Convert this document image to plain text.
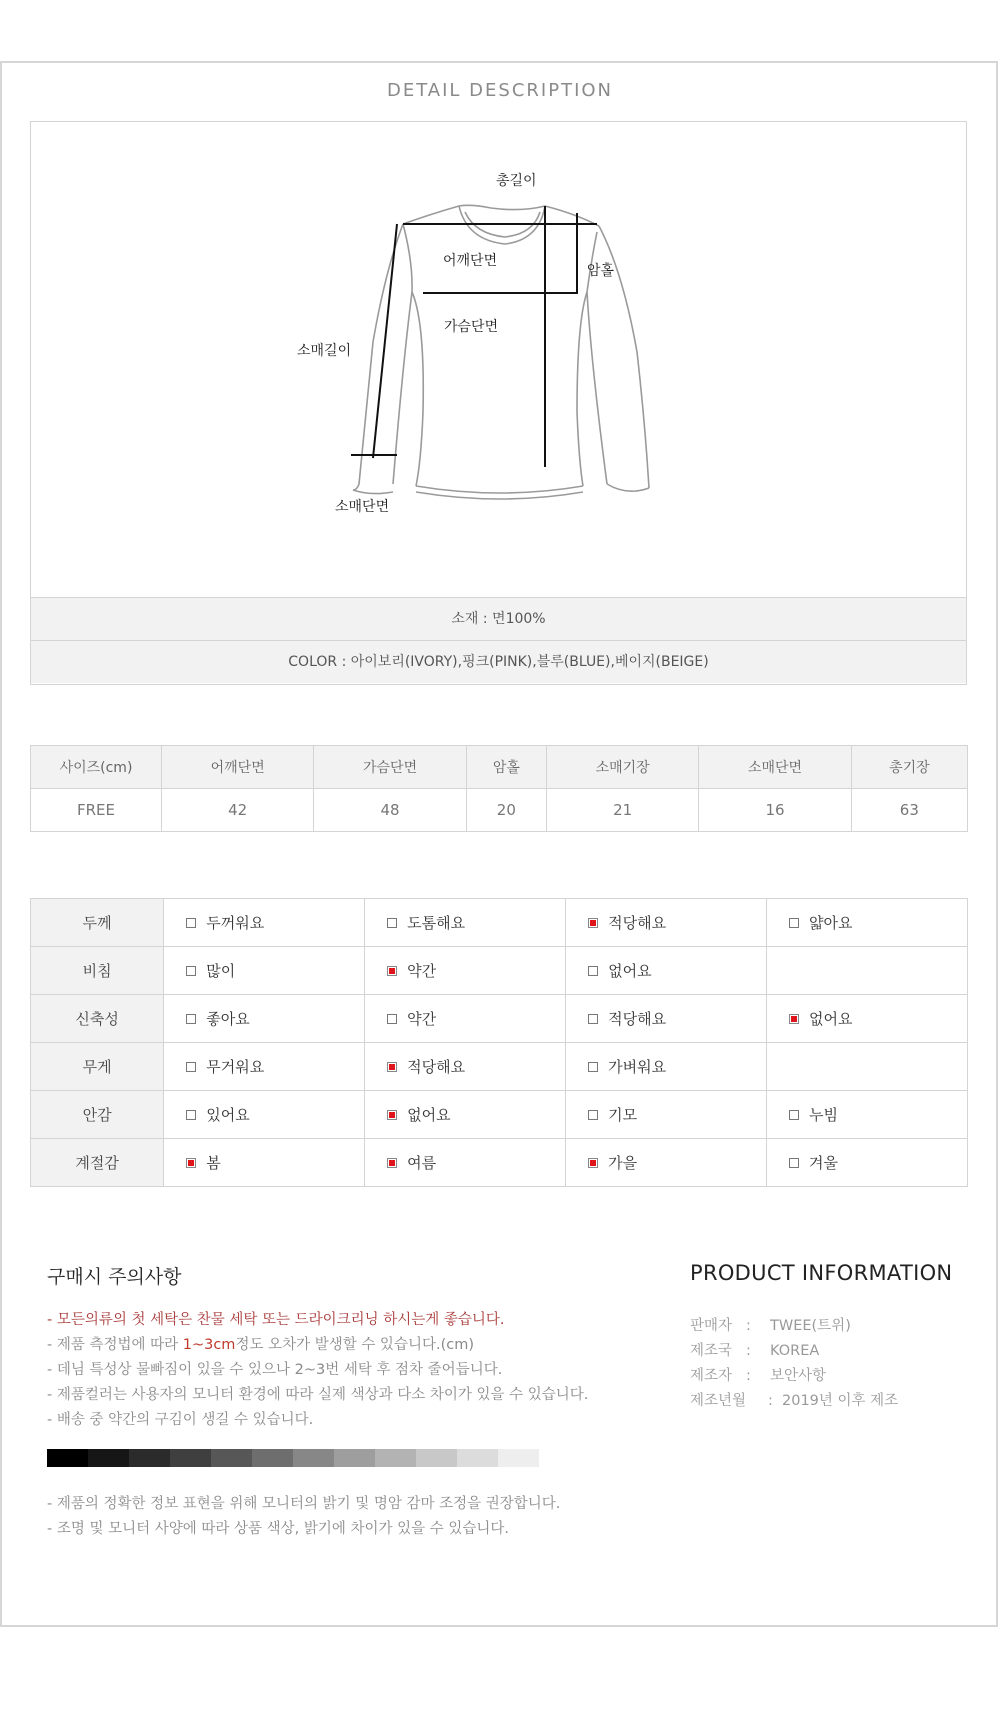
DETAIL DESCRIPTION
총길이
어깨단면
암홀
가슴단면
소매길이
소매단면
소재 : 면100%
COLOR : 아이보리(IVORY),핑크(PINK),블루(BLUE),베이지(BEIGE)
사이즈(cm)	어깨단면	가슴단면	암홀	소매기장	소매단면	총기장
FREE	42	48	20	21	16	63
두께	두꺼워요	도톰해요	적당해요	얇아요
비침	많이	약간	없어요	
신축성	좋아요	약간	적당해요	없어요
무게	무거워요	적당해요	가벼워요	
안감	있어요	없어요	기모	누빔
계절감	봄	여름	가을	겨울
구매시 주의사항
- 모든의류의 첫 세탁은 찬물 세탁 또는 드라이크리닝 하시는게 좋습니다.
- 제품 측정법에 따라 1~3cm정도 오차가 발생할 수 있습니다.(cm)
- 데님 특성상 물빠짐이 있을 수 있으나 2~3번 세탁 후 점차 줄어듭니다.
- 제품컬러는 사용자의 모니터 환경에 따라 실제 색상과 다소 차이가 있을 수 있습니다.
- 배송 중 약간의 구김이 생길 수 있습니다.
- 제품의 정확한 정보 표현을 위해 모니터의 밝기 및 명암 감마 조정을 권장합니다.
- 조명 및 모니터 사양에 따라 상품 색상, 밝기에 차이가 있을 수 있습니다.
PRODUCT INFORMATION
판매자 : TWEE(트위)
제조국 : KOREA
제조자 : 보안사항
제조년월 : 2019년 이후 제조
